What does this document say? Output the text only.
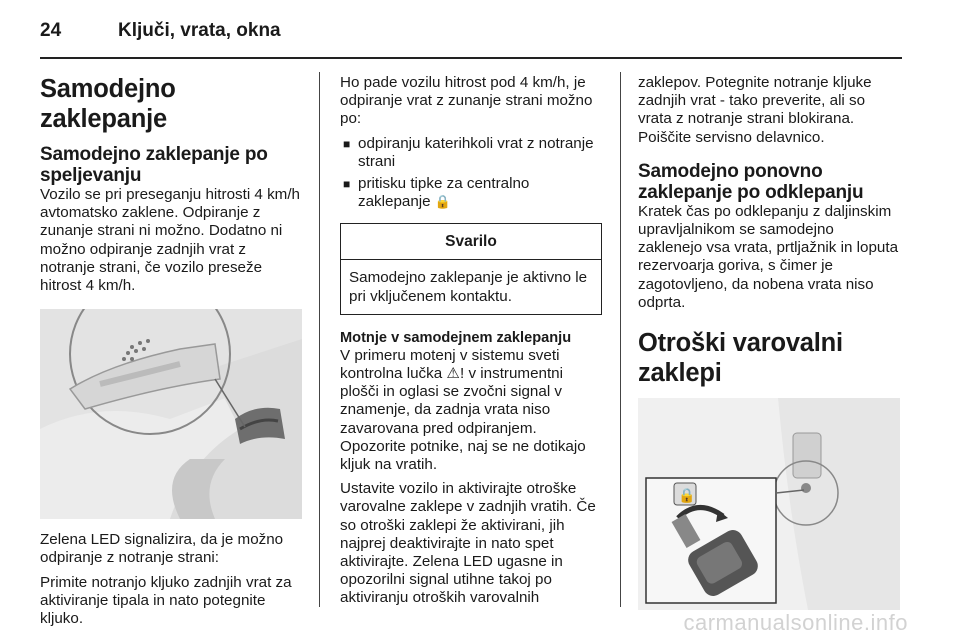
24	Ključi, vrata, okna
Samodejno zaklepanje
Samodejno zaklepanje po speljevanju

Vozilo se pri preseganju hitrosti 4 km/h avtomatsko zaklene. Odpiranje z zunanje strani ni možno. Dodatno ni možno odpiranje zadnjih vrat z notranje strani, če vozilo preseže hitrost 4 km/h.

Zelena LED signalizira, da je možno odpiranje z notranje strani:

Primite notranjo kljuko zadnjih vrat za aktiviranje tipala in nato potegnite kljuko.

Ho pade vozilu hitrost pod 4 km/h, je odpiranje vrat z zunanje strani možno po:

■ odpiranju katerihkoli vrat z notranje strani
■ pritisku tipke za centralno zaklepanje 🔒
Svarilo
Samodejno zaklepanje je aktivno le pri vključenem kontaktu.
Motnje v samodejnem zaklepanju

V primeru motenj v sistemu sveti kontrolna lučka ⚠! v instrumentni plošči in oglasi se zvočni signal v znamenje, da zadnja vrata niso zavarovana pred odpiranjem. Opozorite potnike, naj se ne dotikajo kljuk na vratih.

Ustavite vozilo in aktivirajte otroške varovalne zaklepe v zadnjih vratih. Če so otroški zaklepi že aktivirani, jih najprej deaktivirajte in nato spet aktivirajte. Zelena LED ugasne in opozorilni signal utihne takoj po aktiviranju otroških varovalnih

zaklepov. Potegnite notranje kljuke zadnjih vrat - tako preverite, ali so vrata z notranje strani blokirana. Poiščite servisno delavnico.

Samodejno ponovno zaklepanje po odklepanju

Kratek čas po odklepanju z daljinskim upravljalnikom se samodejno zaklenejo vsa vrata, prtljažnik in loputa rezervoarja goriva, s čimer je zagotovljeno, da nobena vrata niso odprta.

Otroški varovalni zaklepi
🔒
carmanualsonline.info
